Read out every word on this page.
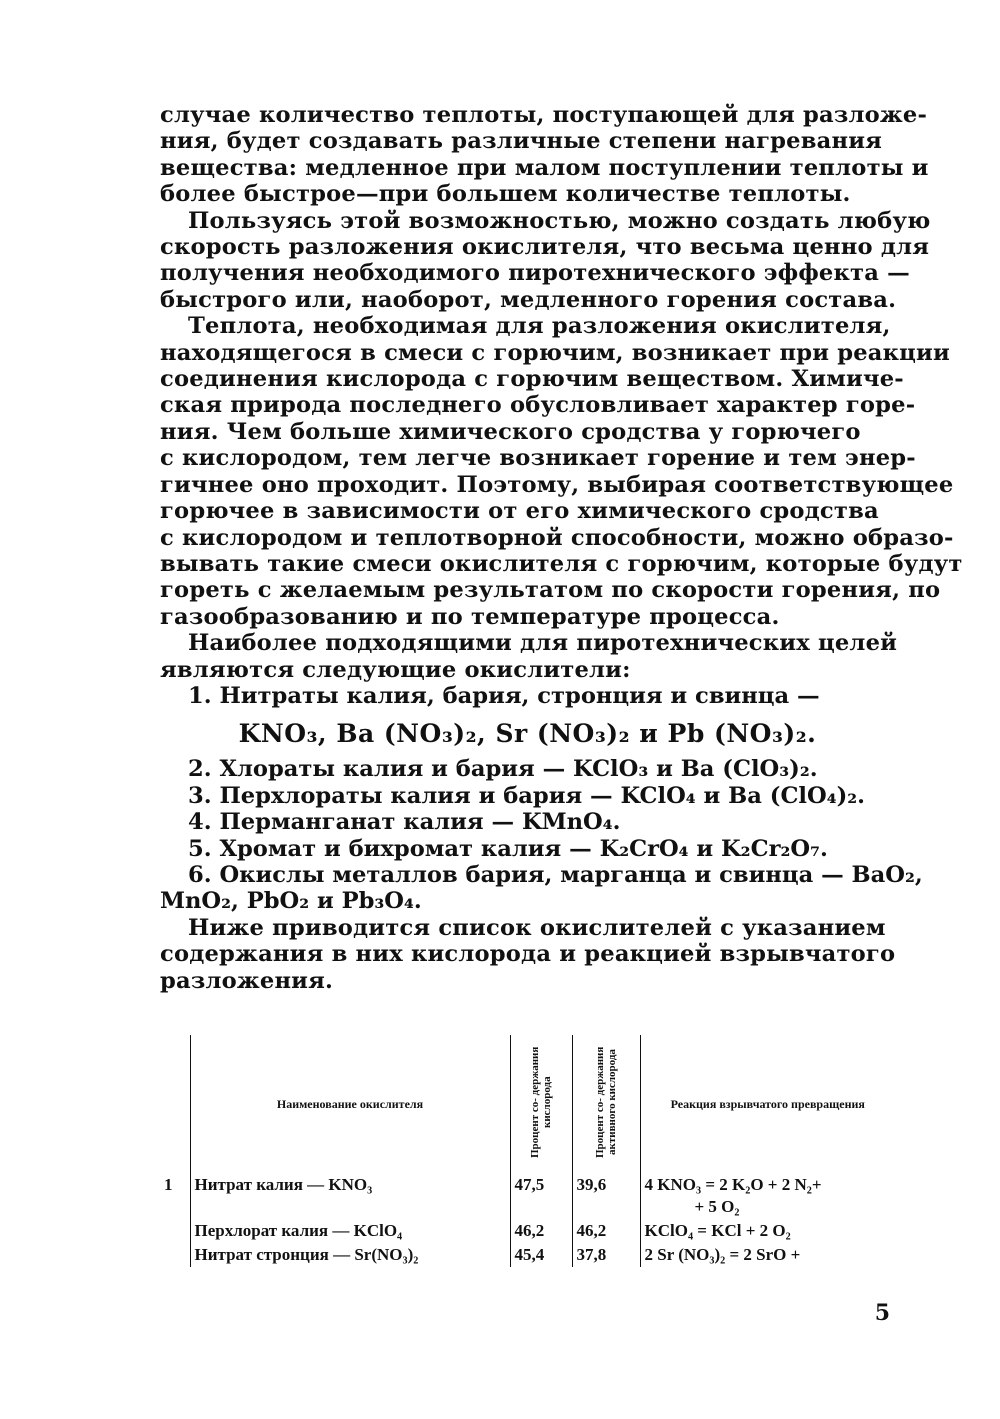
случае количество теплоты, поступающей для разложе-
ния, будет создавать различные степени нагревания
вещества: медленное при малом поступлении теплоты и
более быстрое—при большем количестве теплоты.

Пользуясь этой возможностью, можно создать любую
скорость разложения окислителя, что весьма ценно для
получения необходимого пиротехнического эффекта —
быстрого или, наоборот, медленного горения состава.

Теплота, необходимая для разложения окислителя,
находящегося в смеси с горючим, возникает при реакции
соединения кислорода с горючим веществом. Химиче-
ская природа последнего обусловливает характер горе-
ния. Чем больше химического сродства у горючего
с кислородом, тем легче возникает горение и тем энер-
гичнее оно проходит. Поэтому, выбирая соответствующее
горючее в зависимости от его химического сродства
с кислородом и теплотворной способности, можно образо-
вывать такие смеси окислителя с горючим, которые будут
гореть с желаемым результатом по скорости горения, по
газообразованию и по температуре процесса.

Наиболее подходящими для пиротехнических целей
являются следующие окислители:

1. Нитраты калия, бария, стронция и свинца —
KNO₃, Ba (NO₃)₂, Sr (NO₃)₂ и Pb (NO₃)₂.
2. Хлораты калия и бария — KClO₃ и Ba (ClO₃)₂.
3. Перхлораты калия и бария — KClO₄ и Ba (ClO₄)₂.
4. Перманганат калия — KMnO₄.
5. Хромат и бихромат калия — K₂CrO₄ и K₂Cr₂O₇.
6. Окислы металлов бария, марганца и свинца — BaO₂,
MnO₂, PbO₂ и Pb₃O₄.

Ниже приводится список окислителей с указанием
содержания в них кислорода и реакцией взрывчатого
разложения.

	Наименование окислителя	Процент со- держания кислорода	Процент со- держания активного кислорода	Реакция взрывчатого превращения
1	Нитрат калия — KNO₃	47,5	39,6	4 KNO₃ = 2 K₂O + 2 N₂+
+ 5 O₂

	Перхлорат калия — KClO₄	46,2	46,2	KClO₄ = KCl + 2 O₂
	Нитрат стронция — Sr(NO₃)₂	45,4	37,8	2 Sr (NO₃)₂ = 2 SrO +
5
